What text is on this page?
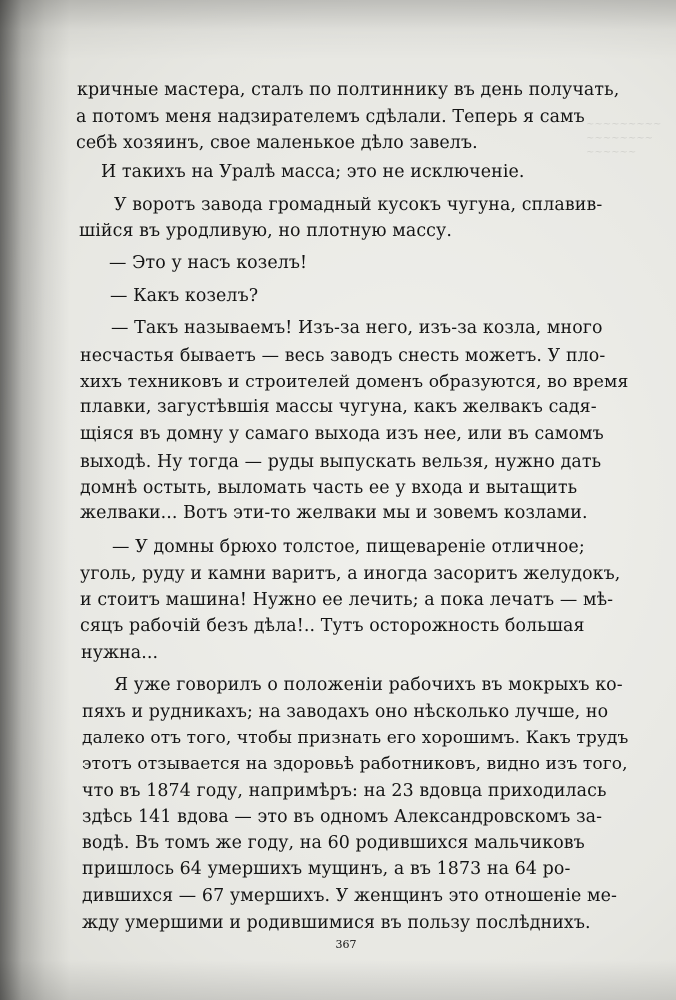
~~~~~~~~~
~~~~~~~~
~~~~~~
кричные мастера, сталъ по полтиннику въ день получать,
а потомъ меня надзирателемъ сдѣлали. Теперь я самъ
себѣ хозяинъ, свое маленькое дѣло завелъ.
И такихъ на Уралѣ масса; это не исключенiе.
У воротъ завода громадный кусокъ чугуна, сплавив-
шiйся въ уродливую, но плотную массу.
— Это у насъ козелъ!
— Какъ козелъ?
— Такъ называемъ! Изъ-за него, изъ-за козла, много
несчастья бываетъ — весь заводъ снесть можетъ. У пло-
хихъ техниковъ и строителей доменъ образуются, во время
плавки, загустѣвшiя массы чугуна, какъ желвакъ садя-
щiяся въ домну у самаго выхода изъ нее, или въ самомъ
выходѣ. Ну тогда — руды выпускать вельзя, нужно дать
домнѣ остыть, выломать часть ее у входа и вытащить
желваки... Вотъ эти-то желваки мы и зовемъ козлами.
— У домны брюхо толстое, пищеваренiе отличное;
уголь, руду и камни варитъ, а иногда засоритъ желудокъ,
и стоитъ машина! Нужно ее лечить; а пока лечатъ — мѣ-
сяцъ рабочiй безъ дѣла!.. Тутъ осторожность большая
нужна...
Я уже говорилъ о положенiи рабочихъ въ мокрыхъ ко-
пяхъ и рудникахъ; на заводахъ оно нѣсколько лучше, но
далеко отъ того, чтобы признать его хорошимъ. Какъ трудъ
этотъ отзывается на здоровьѣ работниковъ, видно изъ того,
что въ 1874 году, напримѣръ: на 23 вдовца приходилась
здѣсь 141 вдова — это въ одномъ Александровскомъ за-
водѣ. Въ томъ же году, на 60 родившихся мальчиковъ
пришлось 64 умершихъ мущинъ, а въ 1873 на 64 ро-
дившихся — 67 умершихъ. У женщинъ это отношенiе ме-
жду умершими и родившимися въ пользу послѣднихъ.
367
